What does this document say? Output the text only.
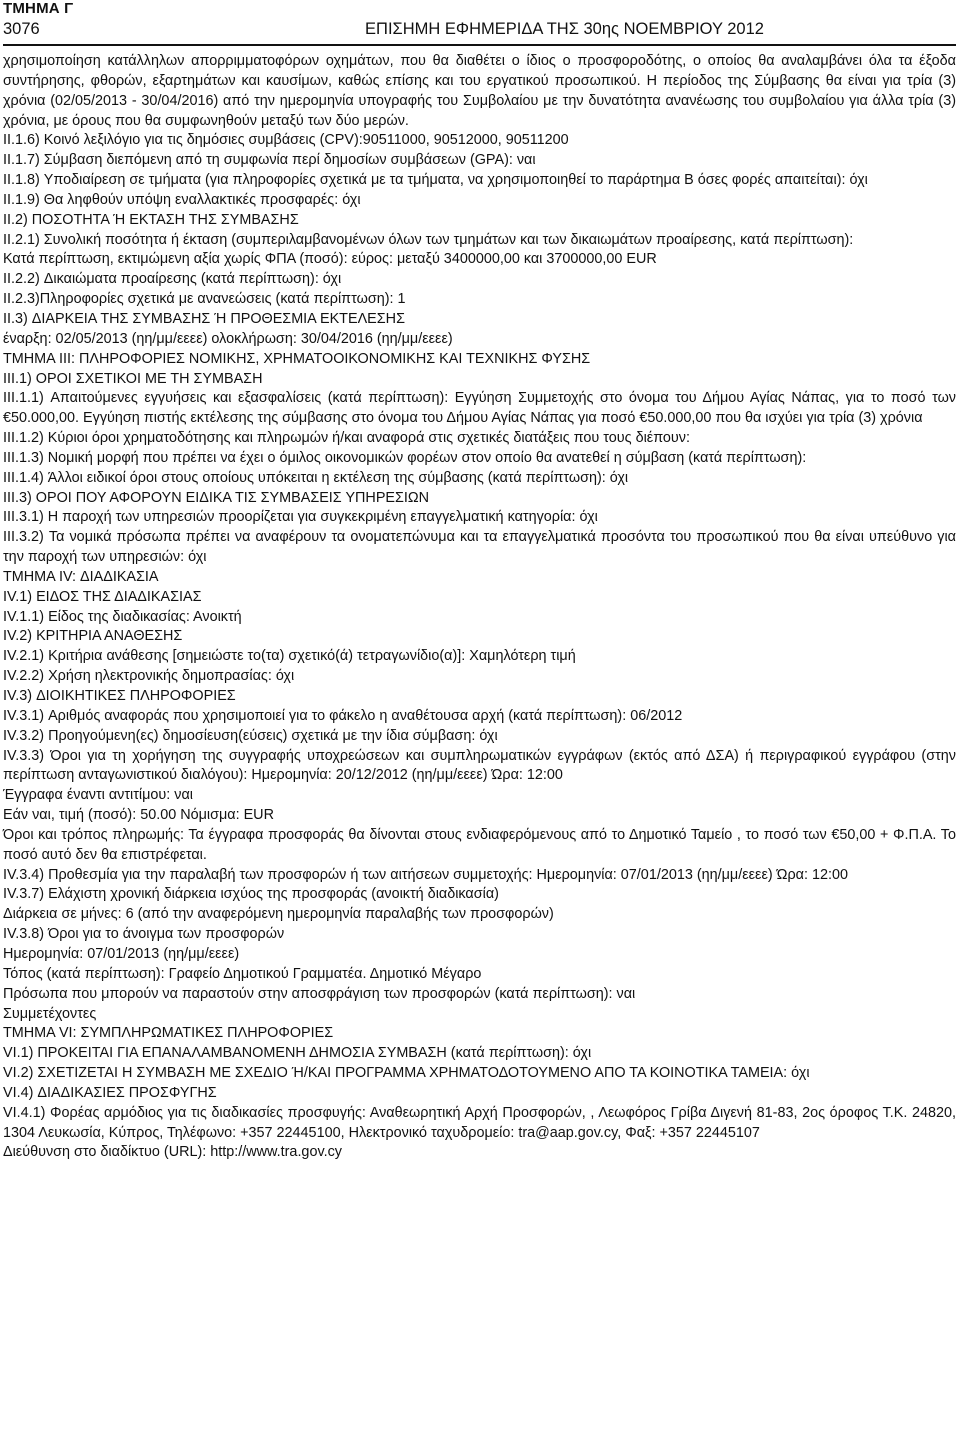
ΤΜΗΜΑ Γ
3076	ΕΠΙΣΗΜΗ ΕΦΗΜΕΡΙΔΑ ΤΗΣ 30ης ΝΟΕΜΒΡΙΟΥ 2012

χρησιμοποίηση κατάλληλων απορριμματοφόρων οχημάτων, που θα διαθέτει ο ίδιος ο προσφοροδότης, ο οποίος θα αναλαμβάνει όλα τα έξοδα συντήρησης, φθορών, εξαρτημάτων και καυσίμων, καθώς επίσης και του εργατικού προσωπικού. Η περίοδος της Σύμβασης θα είναι για τρία (3) χρόνια (02/05/2013 - 30/04/2016) από την ημερομηνία υπογραφής του Συμβολαίου με την δυνατότητα ανανέωσης του συμβολαίου για άλλα τρία (3) χρόνια, με όρους που θα συμφωνηθούν μεταξύ των δύο μερών.

II.1.6) Κοινό λεξιλόγιο για τις δημόσιες συμβάσεις (CPV):90511000, 90512000, 90511200

II.1.7) Σύμβαση διεπόμενη από τη συμφωνία περί δημοσίων συμβάσεων (GPA): ναι

II.1.8) Υποδιαίρεση σε τμήματα (για πληροφορίες σχετικά με τα τμήματα, να χρησιμοποιηθεί το παράρτημα Β όσες φορές απαιτείται): όχι

II.1.9) Θα ληφθούν υπόψη εναλλακτικές προσφαρές: όχι

II.2) ΠΟΣΟΤΗΤΑ Ή ΕΚΤΑΣΗ ΤΗΣ ΣΥΜΒΑΣΗΣ

II.2.1) Συνολική ποσότητα ή έκταση (συμπεριλαμβανομένων όλων των τμημάτων και των δικαιωμάτων προαίρεσης, κατά περίπτωση):

Κατά περίπτωση, εκτιμώμενη αξία χωρίς ΦΠΑ (ποσό): εύρος: μεταξύ 3400000,00 και 3700000,00 EUR

II.2.2) Δικαιώματα προαίρεσης (κατά περίπτωση): όχι

II.2.3)Πληροφορίες σχετικά με ανανεώσεις (κατά περίπτωση): 1

II.3) ΔΙΑΡΚΕΙΑ ΤΗΣ ΣΥΜΒΑΣΗΣ Ή ΠΡΟΘΕΣΜΙΑ ΕΚΤΕΛΕΣΗΣ

έναρξη: 02/05/2013 (ηη/μμ/εεεε) ολοκλήρωση: 30/04/2016 (ηη/μμ/εεεε)

ΤΜΗΜΑ III: ΠΛΗΡΟΦΟΡΙΕΣ ΝΟΜΙΚΗΣ, ΧΡΗΜΑΤΟΟΙΚΟΝΟΜΙΚΗΣ ΚΑΙ ΤΕΧΝΙΚΗΣ ΦΥΣΗΣ

III.1) ΟΡΟΙ ΣΧΕΤΙΚΟΙ ΜΕ ΤΗ ΣΥΜΒΑΣΗ

III.1.1) Απαιτούμενες εγγυήσεις και εξασφαλίσεις (κατά περίπτωση): Εγγύηση Συμμετοχής στο όνομα του Δήμου Αγίας Νάπας, για το ποσό των €50.000,00. Εγγύηση πιστής εκτέλεσης της σύμβασης στο όνομα του Δήμου Αγίας Νάπας για ποσό €50.000,00 που θα ισχύει για τρία (3) χρόνια

III.1.2) Κύριοι όροι χρηματοδότησης και πληρωμών ή/και αναφορά στις σχετικές διατάξεις που τους διέπουν:

III.1.3) Νομική μορφή που πρέπει να έχει ο όμιλος οικονομικών φορέων στον οποίο θα ανατεθεί η σύμβαση (κατά περίπτωση):

III.1.4) Άλλοι ειδικοί όροι στους οποίους υπόκειται η εκτέλεση της σύμβασης (κατά περίπτωση): όχι

III.3) ΟΡΟΙ ΠΟΥ ΑΦΟΡΟΥΝ ΕΙΔΙΚΑ ΤΙΣ ΣΥΜΒΑΣΕΙΣ ΥΠΗΡΕΣΙΩΝ

III.3.1) Η παροχή των υπηρεσιών προορίζεται για συγκεκριμένη επαγγελματική κατηγορία: όχι

III.3.2) Τα νομικά πρόσωπα πρέπει να αναφέρουν τα ονοματεπώνυμα και τα επαγγελματικά προσόντα του προσωπικού που θα είναι υπεύθυνο για την παροχή των υπηρεσιών: όχι

ΤΜΗΜΑ IV: ΔΙΑΔΙΚΑΣΙΑ

IV.1) ΕΙΔΟΣ ΤΗΣ ΔΙΑΔΙΚΑΣΙΑΣ

IV.1.1) Είδος της διαδικασίας: Ανοικτή

IV.2) ΚΡΙΤΗΡΙΑ ΑΝΑΘΕΣΗΣ

IV.2.1) Κριτήρια ανάθεσης [σημειώστε το(τα) σχετικό(ά) τετραγωνίδιο(α)]: Χαμηλότερη τιμή

IV.2.2) Χρήση ηλεκτρονικής δημοπρασίας: όχι

IV.3) ΔΙΟΙΚΗΤΙΚΕΣ ΠΛΗΡΟΦΟΡΙΕΣ

IV.3.1) Αριθμός αναφοράς που χρησιμοποιεί για το φάκελο η αναθέτουσα αρχή (κατά περίπτωση): 06/2012

IV.3.2) Προηγούμενη(ες) δημοσίευση(εύσεις) σχετικά με την ίδια σύμβαση: όχι

IV.3.3) Όροι για τη χορήγηση της συγγραφής υποχρεώσεων και συμπληρωματικών εγγράφων (εκτός από ΔΣΑ) ή περιγραφικού εγγράφου (στην περίπτωση ανταγωνιστικού διαλόγου): Ημερομηνία: 20/12/2012 (ηη/μμ/εεεε) Ώρα: 12:00

Έγγραφα έναντι αντιτίμου: ναι

Εάν ναι, τιμή (ποσό): 50.00 Νόμισμα: EUR

Όροι και τρόπος πληρωμής: Τα έγγραφα προσφοράς θα δίνονται στους ενδιαφερόμενους από το Δημοτικό Ταμείο , το ποσό των €50,00 + Φ.Π.Α. Το ποσό αυτό δεν θα επιστρέφεται.

IV.3.4) Προθεσμία για την παραλαβή των προσφορών ή των αιτήσεων συμμετοχής: Ημερομηνία: 07/01/2013 (ηη/μμ/εεεε) Ώρα: 12:00

IV.3.7) Ελάχιστη χρονική διάρκεια ισχύος της προσφοράς (ανοικτή διαδικασία)

Διάρκεια σε μήνες: 6 (από την αναφερόμενη ημερομηνία παραλαβής των προσφορών)

IV.3.8) Όροι για το άνοιγμα των προσφορών

Ημερομηνία: 07/01/2013 (ηη/μμ/εεεε)

Τόπος (κατά περίπτωση): Γραφείο Δημοτικού Γραμματέα. Δημοτικό Μέγαρο

Πρόσωπα που μπορούν να παραστούν στην αποσφράγιση των προσφορών (κατά περίπτωση): ναι

Συμμετέχοντες

ΤΜΗΜΑ VI: ΣΥΜΠΛΗΡΩΜΑΤΙΚΕΣ ΠΛΗΡΟΦΟΡΙΕΣ

VI.1) ΠΡΟΚΕΙΤΑΙ ΓΙΑ ΕΠΑΝΑΛΑΜΒΑΝΟΜΕΝΗ ΔΗΜΟΣΙΑ ΣΥΜΒΑΣΗ (κατά περίπτωση): όχι

VI.2) ΣΧΕΤΙΖΕΤΑΙ Η ΣΥΜΒΑΣΗ ΜΕ ΣΧΕΔΙΟ Ή/ΚΑΙ ΠΡΟΓΡΑΜΜΑ ΧΡΗΜΑΤΟΔΟΤΟΥΜΕΝΟ ΑΠΟ ΤΑ ΚΟΙΝΟΤΙΚΑ ΤΑΜΕΙΑ: όχι

VI.4) ΔΙΑΔΙΚΑΣΙΕΣ ΠΡΟΣΦΥΓΗΣ

VI.4.1) Φορέας αρμόδιος για τις διαδικασίες προσφυγής: Αναθεωρητική Αρχή Προσφορών, , Λεωφόρος Γρίβα Διγενή 81-83, 2ος όροφος Τ.Κ. 24820, 1304 Λευκωσία, Κύπρος, Τηλέφωνο: +357 22445100, Ηλεκτρονικό ταχυδρομείο: tra@aap.gov.cy, Φαξ: +357 22445107

Διεύθυνση στο διαδίκτυο (URL): http://www.tra.gov.cy
